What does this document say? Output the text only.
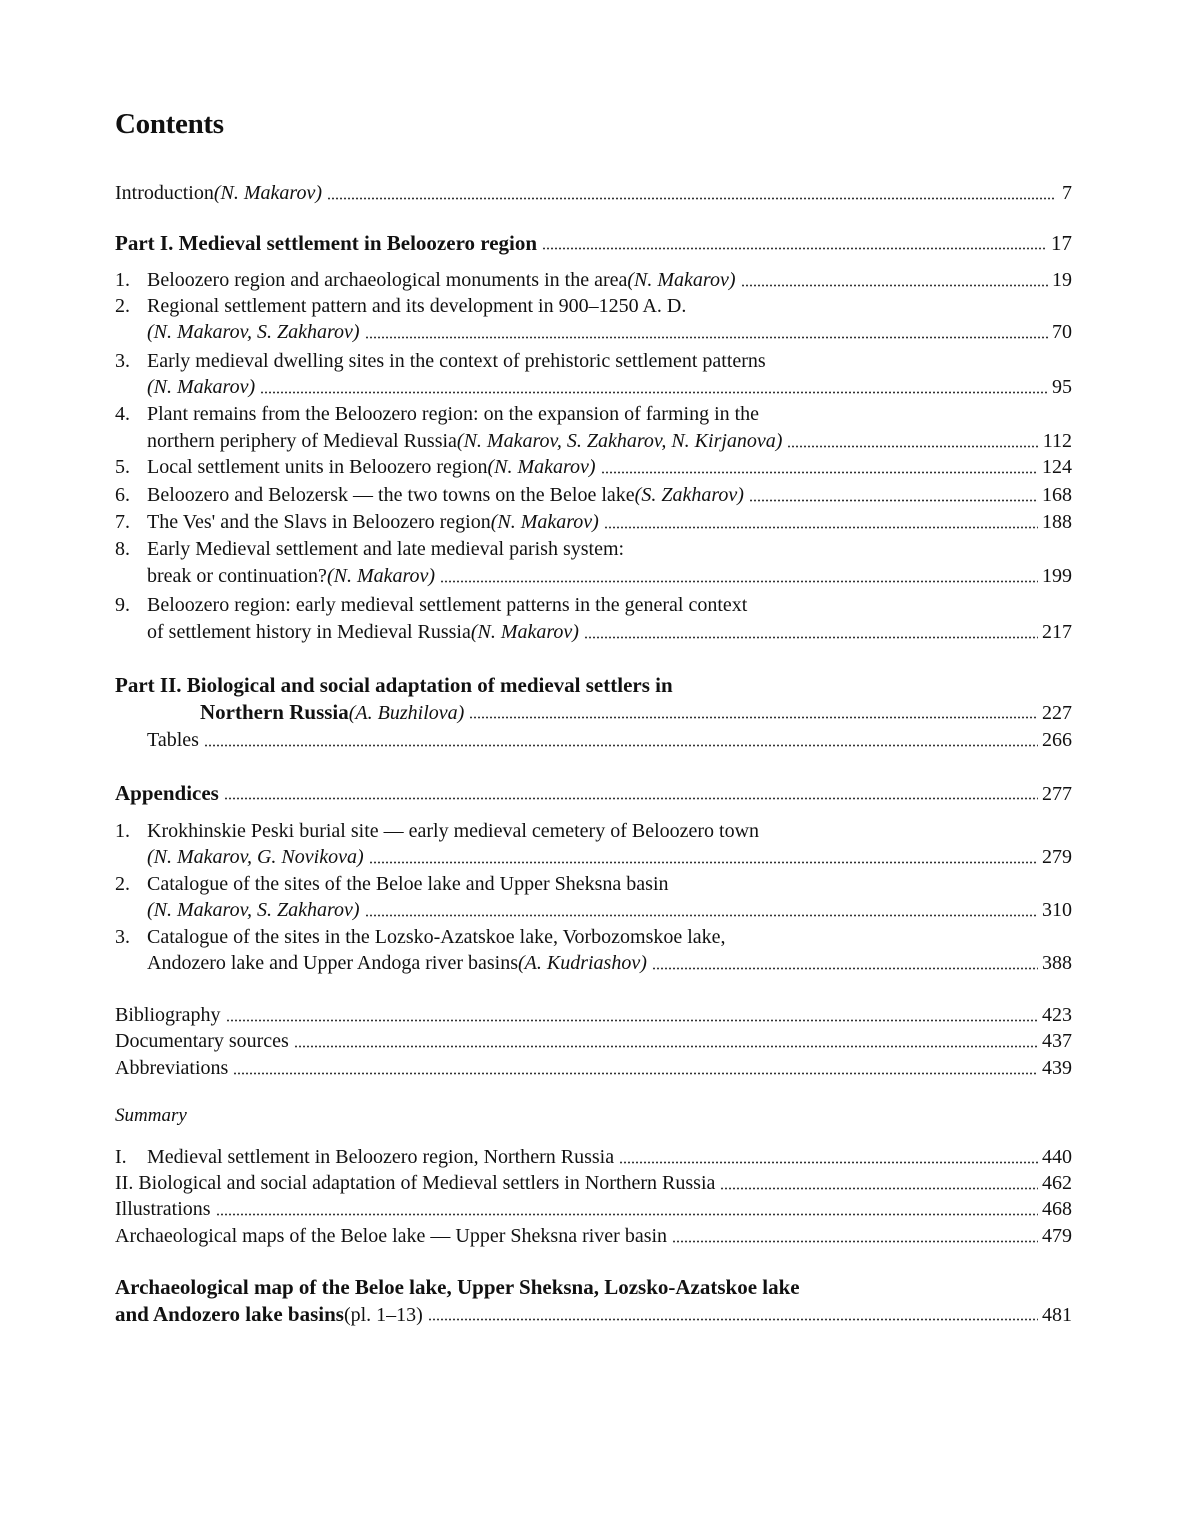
Contents
Introduction (N. Makarov)	7
Part I. Medieval settlement in Beloozero region	17
1. Beloozero region and archaeological monuments in the area (N. Makarov)	19
2. Regional settlement pattern and its development in 900–1250 A. D.
(N. Makarov, S. Zakharov)	70
3. Early medieval dwelling sites in the context of prehistoric settlement patterns
(N. Makarov)	95
4. Plant remains from the Beloozero region: on the expansion of farming in the
northern periphery of Medieval Russia (N. Makarov, S. Zakharov, N. Kirjanova)	112
5. Local settlement units in Beloozero region (N. Makarov)	124
6. Beloozero and Belozersk — the two towns on the Beloe lake (S. Zakharov)	168
7. The Ves' and the Slavs in Beloozero region (N. Makarov)	188
8. Early Medieval settlement and late medieval parish system:
break or continuation? (N. Makarov)	199
9. Beloozero region: early medieval settlement patterns in the general context
of settlement history in Medieval Russia (N. Makarov)	217
Part II. Biological and social adaptation of medieval settlers in
Northern Russia (A. Buzhilova)	227
Tables	266
Appendices	277
1. Krokhinskie Peski burial site — early medieval cemetery of Beloozero town
(N. Makarov, G. Novikova)	279
2. Catalogue of the sites of the Beloe lake and Upper Sheksna basin
(N. Makarov, S. Zakharov)	310
3. Catalogue of the sites in the Lozsko-Azatskoe lake, Vorbozomskoe lake,
Andozero lake and Upper Andoga river basins (A. Kudriashov)	388
Bibliography	423
Documentary sources	437
Abbreviations	439
Summary
I.	Medieval settlement in Beloozero region, Northern Russia	440
II. Biological and social adaptation of Medieval settlers in Northern Russia	462
Illustrations	468
Archaeological maps of the Beloe lake — Upper Sheksna river basin	479
Archaeological map of the Beloe lake, Upper Sheksna, Lozsko-Azatskoe lake
and Andozero lake basins (pl. 1–13)	481
